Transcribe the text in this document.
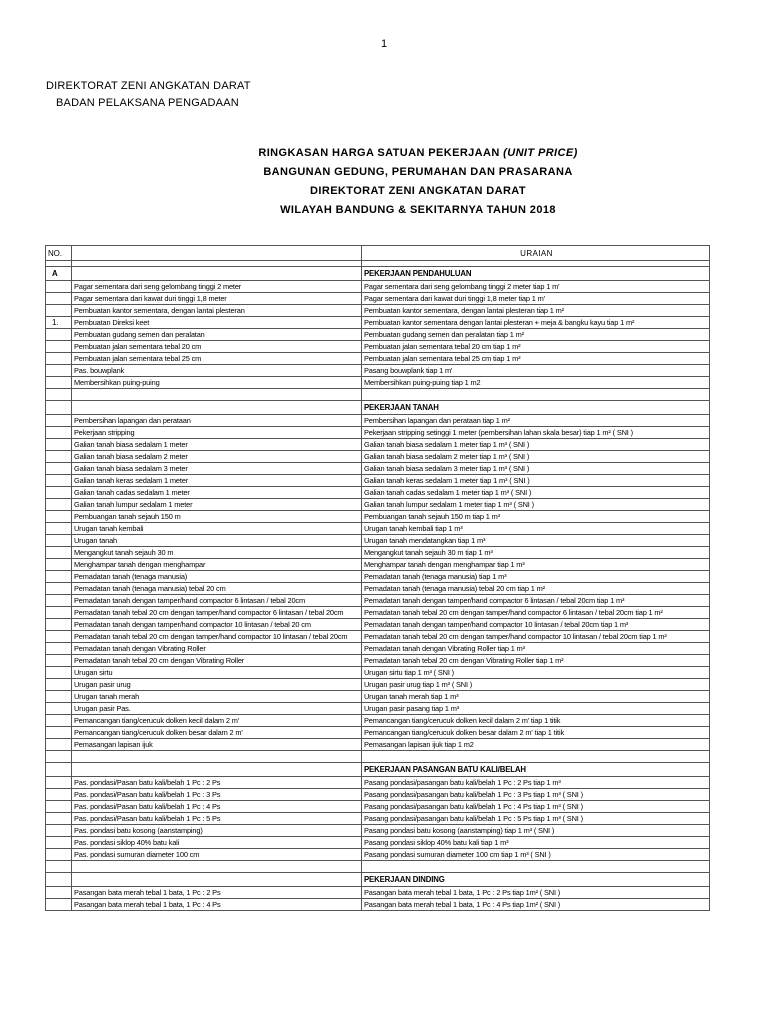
1
DIREKTORAT ZENI ANGKATAN DARAT
BADAN PELAKSANA PENGADAAN
RINGKASAN HARGA SATUAN PEKERJAAN (UNIT PRICE)
BANGUNAN GEDUNG, PERUMAHAN DAN PRASARANA
DIREKTORAT ZENI ANGKATAN DARAT
WILAYAH BANDUNG & SEKITARNYA TAHUN 2018
NO.		URAIAN

A		PEKERJAAN PENDAHULUAN
	Pagar sementara dari seng gelombang tinggi 2 meter	Pagar sementara dari seng gelombang tinggi 2 meter tiap 1 m'
	Pagar sementara dari kawat duri tinggi 1,8 meter	Pagar sementara dari kawat duri tinggi 1,8 meter tiap 1 m'
	Pembuatan kantor sementara, dengan lantai plesteran	Pembuatan kantor sementara, dengan lantai plesteran tiap 1 m²
1.	Pembuatan Direksi keet	Pembuatan kantor sementara dengan lantai plesteran + meja & bangku kayu tiap 1 m²
	Pembuatan gudang semen dan peralatan	Pembuatan gudang semen dan peralatan tiap 1 m²
	Pembuatan jalan sementara tebal 20 cm	Pembuatan jalan sementara tebal 20 cm tiap 1 m²
	Pembuatan jalan sementara tebal 25 cm	Pembuatan jalan sementara tebal 25 cm tiap 1 m²
	Pas. bouwplank	Pasang bouwplank tiap 1 m'
	Membersihkan puing-puing	Membersihkan puing-puing tiap 1 m2

		PEKERJAAN TANAH
	Pembersihan lapangan dan perataan	Pembersihan lapangan dan perataan tiap 1 m²
	Pekerjaan stripping	Pekerjaan stripping setinggi 1 meter (pembersihan lahan skala besar) tiap 1 m² ( SNI )
	Galian tanah biasa sedalam 1 meter	Galian tanah biasa sedalam 1 meter tiap 1 m³ ( SNI )
	Galian tanah biasa sedalam 2 meter	Galian tanah biasa sedalam 2 meter tiap 1 m³ ( SNI )
	Galian tanah biasa sedalam 3 meter	Galian tanah biasa sedalam 3 meter tiap 1 m³ ( SNI )
	Galian tanah keras sedalam 1 meter	Galian tanah keras sedalam 1 meter tiap 1 m³ ( SNI )
	Galian tanah cadas sedalam 1 meter	Galian tanah cadas sedalam 1 meter tiap 1 m³ ( SNI )
	Galian tanah lumpur sedalam 1 meter	Galian tanah lumpur sedalam 1 meter tiap 1 m³ ( SNI )
	Pembuangan tanah sejauh 150 m	Pembuangan tanah sejauh 150 m tiap 1 m³
	Urugan tanah kembali	Urugan tanah kembali tiap 1 m³
	Urugan tanah	Urugan tanah mendatangkan tiap 1 m³
	Mengangkut tanah sejauh 30 m	Mengangkut tanah sejauh 30 m tiap 1 m³
	Menghampar tanah dengan menghampar	Menghampar tanah dengan menghampar tiap 1 m³
	Pemadatan tanah (tenaga manusia)	Pemadatan tanah (tenaga manusia) tiap 1 m³
	Pemadatan tanah (tenaga manusia) tebal 20 cm	Pemadatan tanah (tenaga manusia) tebal 20 cm tiap 1 m²
	Pemadatan tanah dengan tamper/hand compactor 6 lintasan / tebal 20cm	Pemadatan tanah dengan tamper/hand compactor 6 lintasan / tebal 20cm tiap 1 m³
	Pemadatan tanah tebal 20 cm dengan tamper/hand compactor 6 lintasan / tebal 20cm	Pemadatan tanah tebal 20 cm dengan tamper/hand compactor 6 lintasan / tebal 20cm tiap 1 m²
	Pemadatan tanah dengan tamper/hand compactor 10 lintasan / tebal 20 cm	Pemadatan tanah dengan tamper/hand compactor 10 lintasan / tebal 20cm tiap 1 m³
	Pemadatan tanah tebal 20 cm dengan tamper/hand compactor 10 lintasan / tebal 20cm	Pemadatan tanah tebal 20 cm dengan tamper/hand compactor 10 lintasan / tebal 20cm tiap 1 m²
	Pemadatan tanah dengan Vibrating Roller	Pemadatan tanah dengan Vibrating Roller tiap 1 m³
	Pemadatan tanah tebal 20 cm dengan Vibrating Roller	Pemadatan tanah tebal 20 cm dengan Vibrating Roller tiap 1 m²
	Urugan sirtu	Urugan sirtu tiap 1 m³ ( SNI )
	Urugan pasir urug	Urugan pasir urug tiap 1 m³ ( SNI )
	Urugan tanah merah	Urugan tanah merah tiap 1 m³
	Urugan pasir Pas.	Urugan pasir pasang tiap 1 m³
	Pemancangan tiang/cerucuk dolken kecil dalam 2 m'	Pemancangan tiang/cerucuk dolken kecil dalam 2 m' tiap 1 titik
	Pemancangan tiang/cerucuk dolken besar dalam 2 m'	Pemancangan tiang/cerucuk dolken besar dalam 2 m' tiap 1 titik
	Pemasangan lapisan ijuk	Pemasangan lapisan ijuk tiap 1 m2

		PEKERJAAN PASANGAN BATU KALI/BELAH
	Pas. pondasi/Pasan batu kali/belah 1 Pc : 2 Ps	Pasang pondasi/pasangan batu kali/belah 1 Pc : 2 Ps tiap 1 m³
	Pas. pondasi/Pasan batu kali/belah 1 Pc : 3 Ps	Pasang pondasi/pasangan batu kali/belah 1 Pc : 3 Ps tiap 1 m³ ( SNI )
	Pas. pondasi/Pasan batu kali/belah 1 Pc : 4 Ps	Pasang pondasi/pasangan batu kali/belah 1 Pc : 4 Ps tiap 1 m³ ( SNI )
	Pas. pondasi/Pasan batu kali/belah 1 Pc : 5 Ps	Pasang pondasi/pasangan batu kali/belah 1 Pc : 5 Ps tiap 1 m³ ( SNI )
	Pas. pondasi batu kosong (aanstamping)	Pasang pondasi batu kosong (aanstamping) tiap 1 m³ ( SNI )
	Pas. pondasi siklop 40% batu kali	Pasang pondasi siklop 40% batu kali tiap 1 m³
	Pas. pondasi sumuran diameter 100 cm	Pasang pondasi sumuran diameter 100 cm tiap 1 m³ ( SNI )

		PEKERJAAN DINDING
	Pasangan bata merah tebal 1 bata, 1 Pc : 2 Ps	Pasangan bata merah tebal 1 bata, 1 Pc : 2 Ps tiap 1m² ( SNI )
	Pasangan bata merah tebal 1 bata, 1 Pc : 4 Ps	Pasangan bata merah tebal 1 bata, 1 Pc : 4 Ps tiap 1m² ( SNI )
